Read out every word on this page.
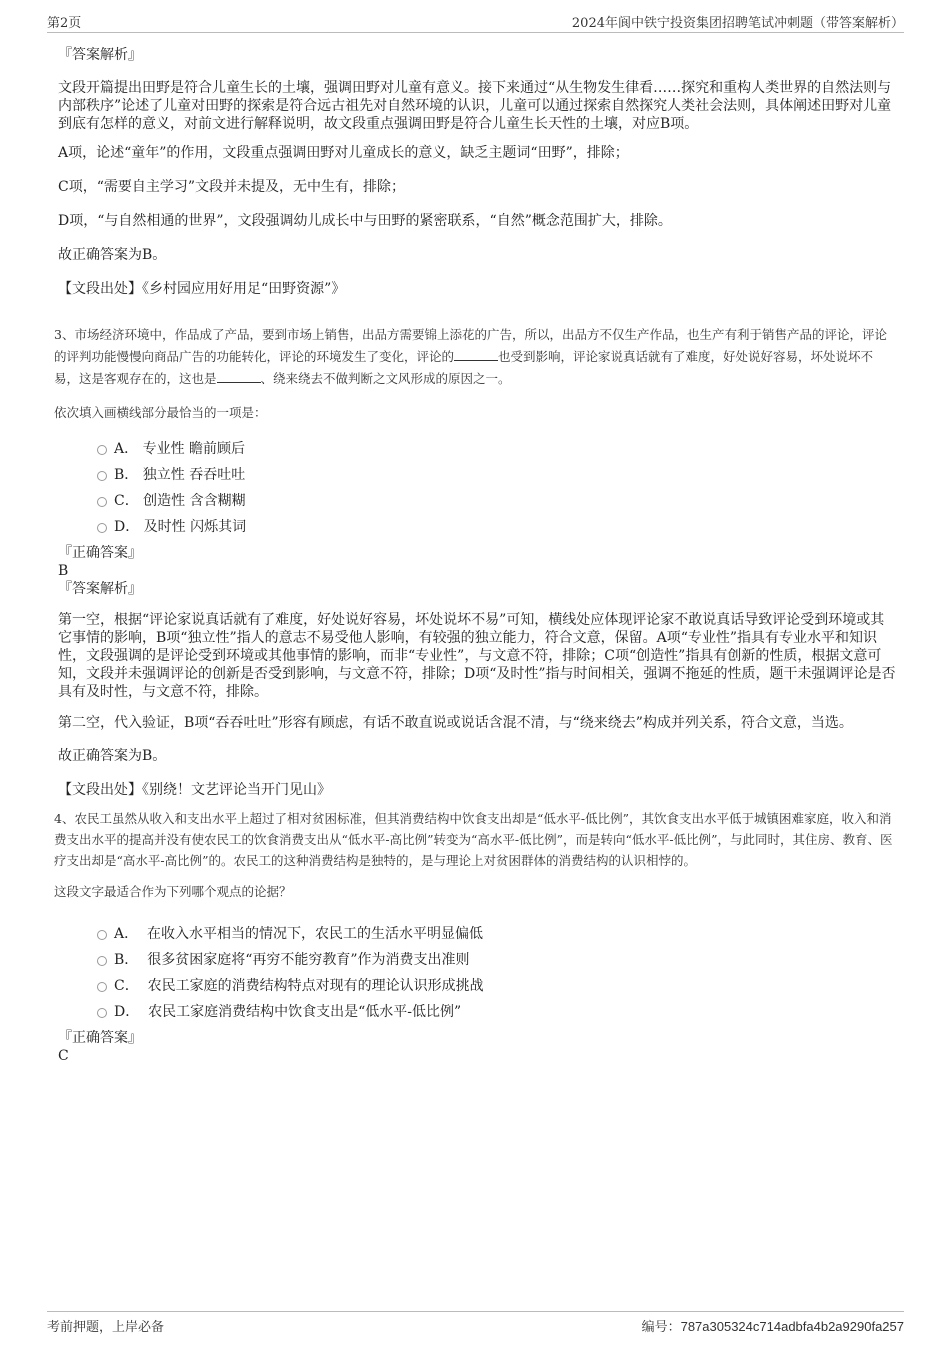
第2页	2024年阆中铁宁投资集团招聘笔试冲刺题（带答案解析）

『答案解析』

文段开篇提出田野是符合儿童生长的土壤，强调田野对儿童有意义。接下来通过“从生物发生律看……探究和重构人类世界的自然法则与内部秩序”论述了儿童对田野的探索是符合远古祖先对自然环境的认识，儿童可以通过探索自然探究人类社会法则，具体阐述田野对儿童到底有怎样的意义，对前文进行解释说明，故文段重点强调田野是符合儿童生长天性的土壤，对应B项。

A项，论述“童年”的作用，文段重点强调田野对儿童成长的意义，缺乏主题词“田野”，排除；

C项，“需要自主学习”文段并未提及，无中生有，排除；

D项，“与自然相通的世界”，文段强调幼儿成长中与田野的紧密联系，“自然”概念范围扩大，排除。

故正确答案为B。

【文段出处】《乡村园应用好用足“田野资源”》

3、市场经济环境中，作品成了产品，要到市场上销售，出品方需要锦上添花的广告，所以，出品方不仅生产作品，也生产有利于销售产品的评论，评论的评判功能慢慢向商品广告的功能转化，评论的环境发生了变化，评论的	也受到影响，评论家说真话就有了难度，好处说好容易，坏处说坏不易，这是客观存在的，这也是	、绕来绕去不做判断之文风形成的原因之一。

依次填入画横线部分最恰当的一项是：

A． 专业性 瞻前顾后
B． 独立性 吞吞吐吐
C． 创造性 含含糊糊
D． 及时性 闪烁其词

『正确答案』

B

『答案解析』

第一空，根据“评论家说真话就有了难度，好处说好容易，坏处说坏不易”可知，横线处应体现评论家不敢说真话导致评论受到环境或其它事情的影响，B项“独立性”指人的意志不易受他人影响，有较强的独立能力，符合文意，保留。A项“专业性”指具有专业水平和知识性，文段强调的是评论受到环境或其他事情的影响，而非“专业性”，与文意不符，排除；C项“创造性”指具有创新的性质，根据文意可知，文段并未强调评论的创新是否受到影响，与文意不符，排除；D项“及时性”指与时间相关，强调不拖延的性质，题干未强调评论是否具有及时性，与文意不符，排除。

第二空，代入验证，B项“吞吞吐吐”形容有顾虑，有话不敢直说或说话含混不清，与“绕来绕去”构成并列关系，符合文意，当选。

故正确答案为B。

【文段出处】《别绕！文艺评论当开门见山》

4、农民工虽然从收入和支出水平上超过了相对贫困标准，但其消费结构中饮食支出却是“低水平-低比例”，其饮食支出水平低于城镇困难家庭，收入和消费支出水平的提高并没有使农民工的饮食消费支出从“低水平-高比例”转变为“高水平-低比例”，而是转向“低水平-低比例”，与此同时，其住房、教育、医疗支出却是“高水平-高比例”的。农民工的这种消费结构是独特的，是与理论上对贫困群体的消费结构的认识相悖的。

这段文字最适合作为下列哪个观点的论据？

A． 在收入水平相当的情况下，农民工的生活水平明显偏低
B． 很多贫困家庭将“再穷不能穷教育”作为消费支出准则
C． 农民工家庭的消费结构特点对现有的理论认识形成挑战
D． 农民工家庭消费结构中饮食支出是“低水平-低比例”

『正确答案』

C

考前押题，上岸必备	编号：787a305324c714adbfa4b2a9290fa257
